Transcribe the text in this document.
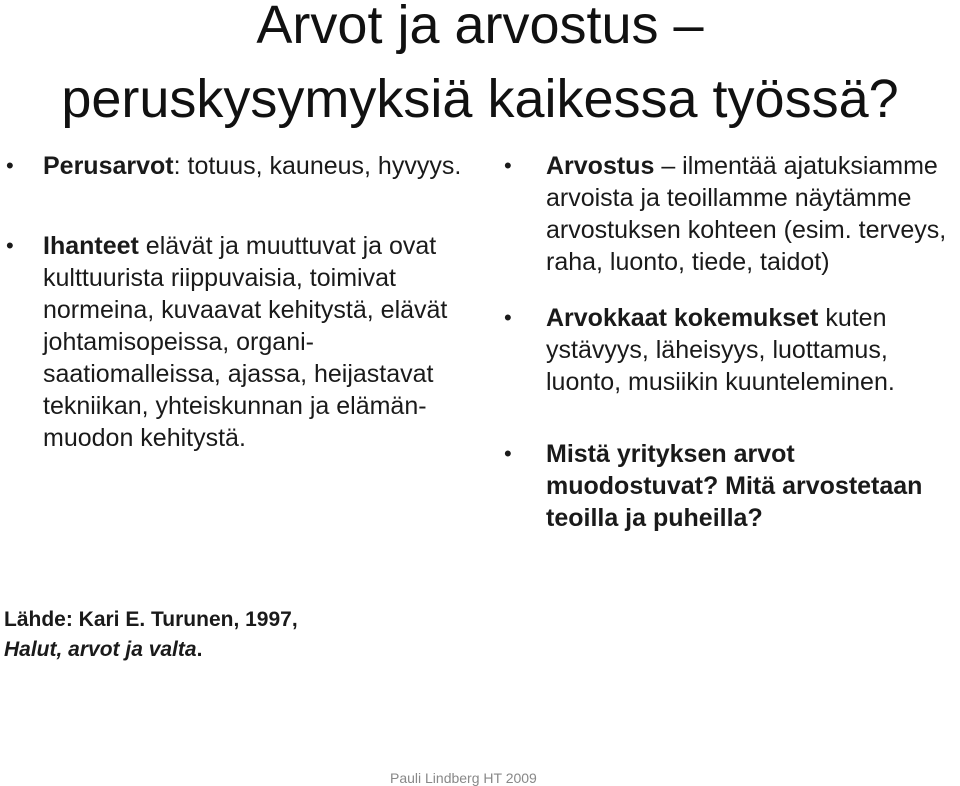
Arvot ja arvostus –
peruskysymyksiä kaikessa työssä?
• Perusarvot: totuus, kauneus, hyvyys.
• Ihanteet elävät ja muuttuvat ja ovat kulttuurista riippuvaisia, toimivat normeina, kuvaavat kehitystä, elävät johtamisopeissa, organi-saatiomalleissa, ajassa, heijastavat tekniikan, yhteiskunnan ja elämän-muodon kehitystä.
Lähde: Kari E. Turunen, 1997,
Halut, arvot ja valta.
• Arvostus – ilmentää ajatuksiamme arvoista ja teoillamme näytämme arvostuksen kohteen (esim. terveys, raha, luonto, tiede, taidot)
• Arvokkaat kokemukset kuten ystävyys, läheisyys, luottamus, luonto, musiikin kuunteleminen.
• Mistä yrityksen arvot muodostuvat? Mitä arvostetaan teoilla ja puheilla?
Pauli Lindberg HT 2009
